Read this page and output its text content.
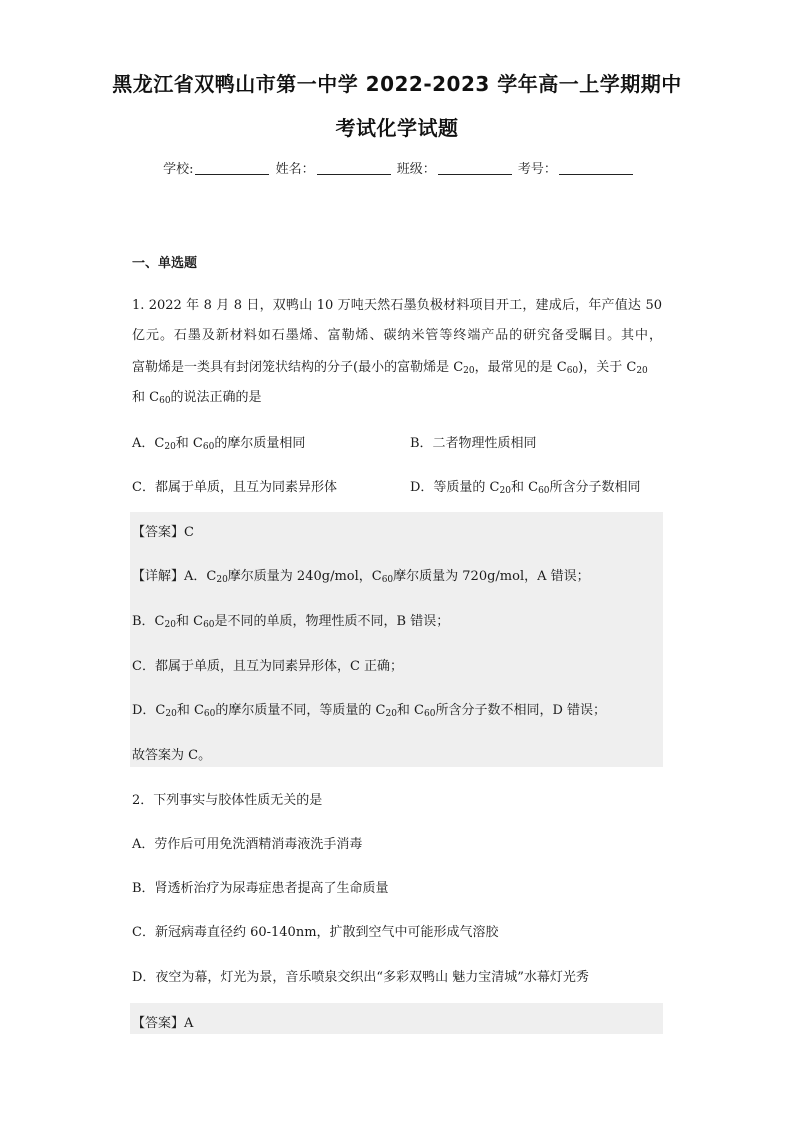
黑龙江省双鸭山市第一中学 2022-2023 学年高一上学期期中
考试化学试题
学校:	姓名：	班级：	考号：
一、单选题
1. 2022 年 8 月 8 日，双鸭山 10 万吨天然石墨负极材料项目开工，建成后，年产值达 50
亿元。石墨及新材料如石墨烯、富勒烯、碳纳米管等终端产品的研究备受瞩目。其中，
富勒烯是一类具有封闭笼状结构的分子(最小的富勒烯是 $C_{20}$，最常见的是 $C_{60}$)，关于 $C_{20}$
和 $C_{60}$的说法正确的是
A．$C_{20}$和 $C_{60}$的摩尔质量相同	B．二者物理性质相同
C．都属于单质，且互为同素异形体	D．等质量的 $C_{20}$和 $C_{60}$所含分子数相同
【答案】C
【详解】A．$C_{20}$摩尔质量为 240g/mol，$C_{60}$摩尔质量为 720g/mol，A 错误；
B．$C_{20}$和 $C_{60}$是不同的单质，物理性质不同，B 错误；
C．都属于单质，且互为同素异形体，C 正确；
D．$C_{20}$和 $C_{60}$的摩尔质量不同，等质量的 $C_{20}$和 $C_{60}$所含分子数不相同，D 错误；
故答案为 C。
2．下列事实与胶体性质无关的是
A．劳作后可用免洗酒精消毒液洗手消毒
B．肾透析治疗为尿毒症患者提高了生命质量
C．新冠病毒直径约 60-140nm，扩散到空气中可能形成气溶胶
D．夜空为幕，灯光为景，音乐喷泉交织出“多彩双鸭山 魅力宝清城”水幕灯光秀
【答案】A
